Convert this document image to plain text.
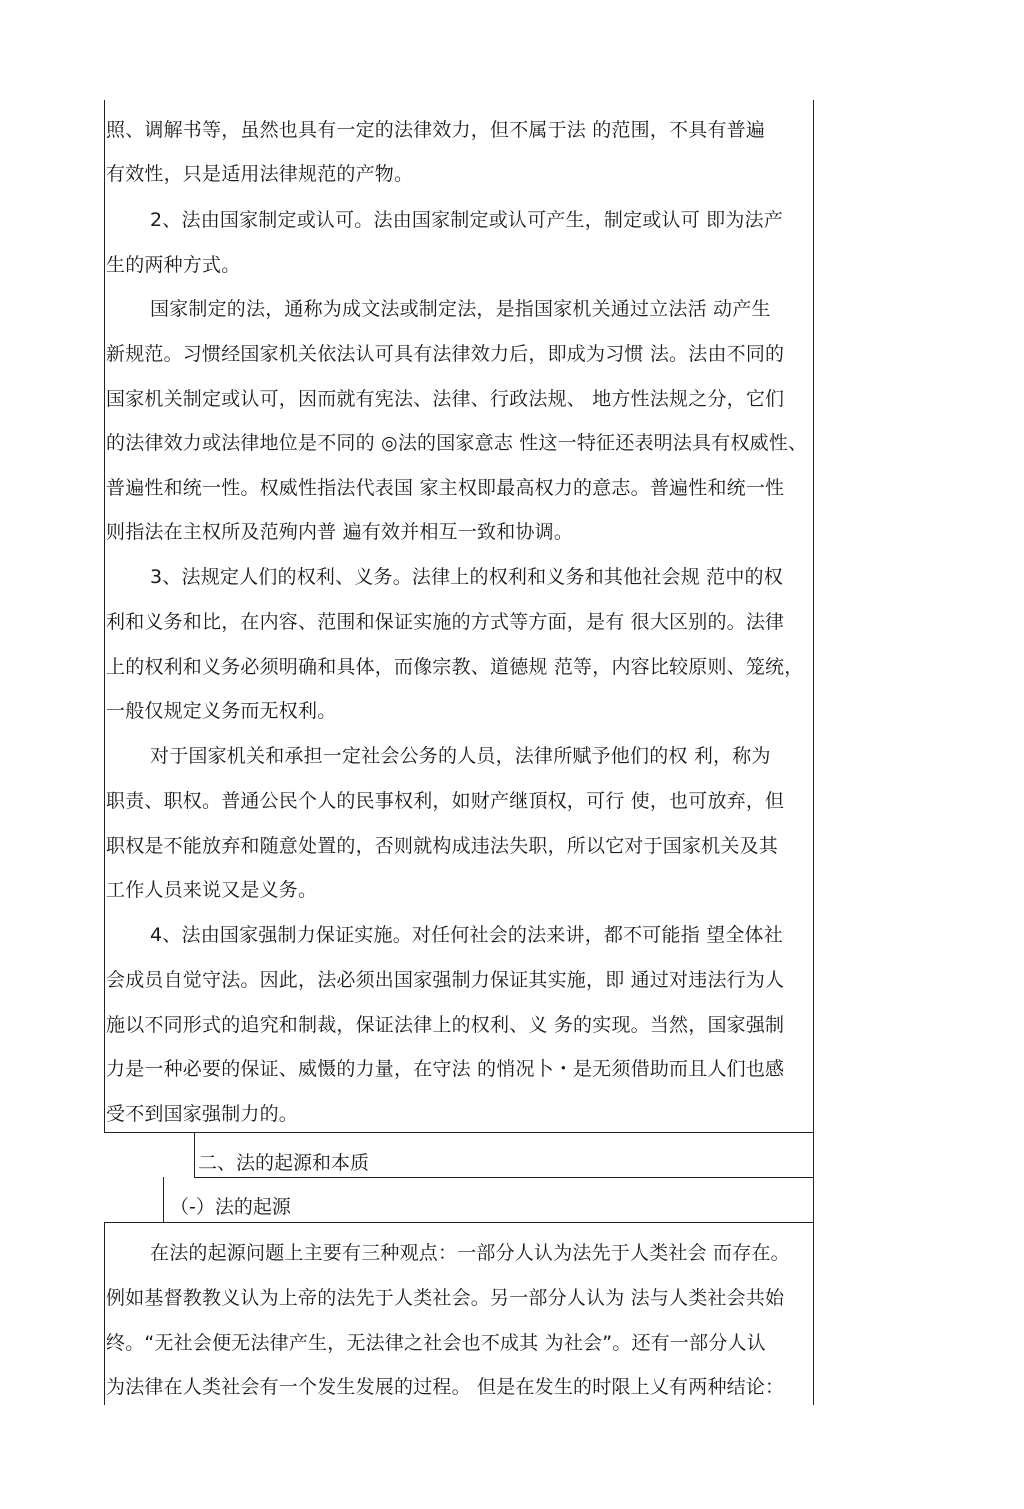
照、调解书等，虽然也具有一定的法律效力，但不属于法 的范围，不具有普遍
有效性，只是适用法律规范的产物。
2、法由国家制定或认可。法由国家制定或认可产生，制定或认可 即为法产
生的两种方式。
国家制定的法，通称为成文法或制定法，是指国家机关通过立法活 动产生
新规范。习惯经国家机关依法认可具有法律效力后，即成为习惯 法。法由不同的
国家机关制定或认可，因而就有宪法、法律、行政法规、 地方性法规之分，它们
的法律效力或法律地位是不同的 ◎法的国家意志 性这一特征还表明法具有权威性、
普遍性和统一性。权威性指法代表国 家主权即最高权力的意志。普遍性和统一性
则指法在主权所及范殉内普 遍有效并相互一致和协调。
3、法规定人们的权利、义务。法律上的权利和义务和其他社会规 范中的权
利和义务和比，在内容、范围和保证实施的方式等方面，是有 很大区别的。法律
上的权利和义务必须明确和具体，而像宗教、道德规 范等，内容比较原则、笼统，
一般仅规定义务而无权利。
对于国家机关和承担一定社会公务的人员，法律所赋予他们的权 利，称为
职责、职权。普通公民个人的民事权利，如财产继頂权，可行 使，也可放弃，但
职权是不能放弃和随意处置的，否则就构成违法失职，所以它对于国家机关及其
工作人员来说又是义务。
4、法由国家强制力保证实施。对任何社会的法来讲，都不可能指 望全体社
会成员自觉守法。因此，法必须出国家强制力保证其实施，即 通过对违法行为人
施以不同形式的追究和制裁，保证法律上的权利、义 务的实现。当然，国家强制
力是一种必要的保证、威慑的力量，在守法 的悄况卜・是无须借助而且人们也感
受不到国家强制力的。
二、法的起源和本质
（-）法的起源
在法的起源问题上主要有三种观点：一部分人认为法先于人类社会 而存在。
例如基督教教义认为上帝的法先于人类社会。另一部分人认为 法与人类社会共始
终。“无社会便无法律产生，无法律之社会也不成其 为社会”。还有一部分人认
为法律在人类社会有一个发生发展的过程。 但是在发生的时限上乂有两种结论：
